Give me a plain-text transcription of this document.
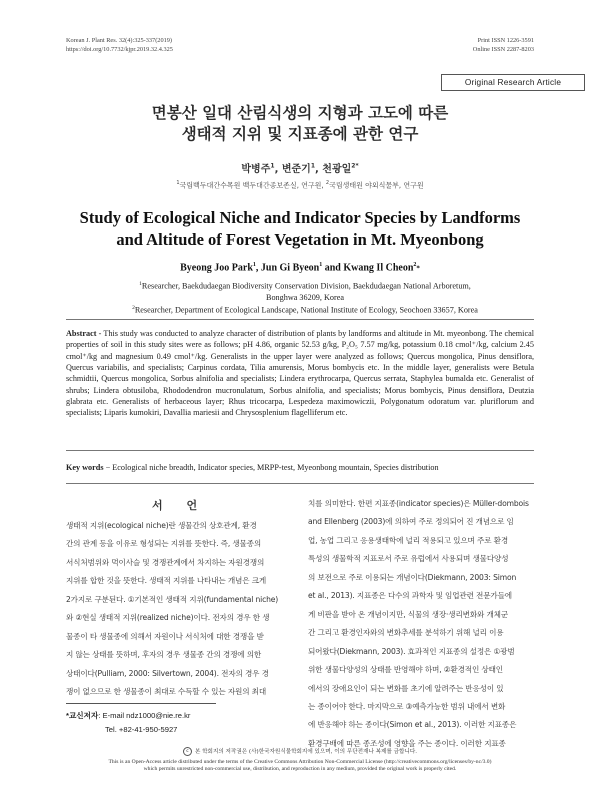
Korean J. Plant Res. 32(4):325-337(2019)
https://doi.org/10.7732/kjpr.2019.32.4.325
Print ISSN 1226-3591
Online ISSN 2287-8203
Original Research Article
면봉산 일대 산림식생의 지형과 고도에 따른
생태적 지위 및 지표종에 관한 연구
박병주$^1$, 변준기$^1$, 천광일$^{2*}$
$^1$국립백두대간수목원 백두대간종보존실, 연구원, $^2$국립생태원 야외식물부, 연구원
Study of Ecological Niche and Indicator Species by Landforms
and Altitude of Forest Vegetation in Mt. Myeonbong
Byeong Joo Park$^1$, Jun Gi Byeon$^1$ and Kwang Il Cheon$^2$*
$^1$Researcher, Baekdudaegan Biodiversity Conservation Division, Baekdudaegan National Arboretum,
Bonghwa 36209, Korea
$^2$Researcher, Department of Ecological Landscape, National Institute of Ecology, Seochoen 33657, Korea
Abstract - This study was conducted to analyze character of distribution of plants by landforms and altitude in Mt. myeonbong. The chemical properties of soil in this study sites were as follows; pH 4.86, organic 52.53 g/kg, P₂O₅ 7.57 mg/kg, potassium 0.18 cmol⁺/kg, calcium 2.45 cmol⁺/kg and magnesium 0.49 cmol⁺/kg. Generalists in the upper layer were analyzed as follows; Quercus mongolica, Pinus densiflora, Quercus variabilis, and specialists; Carpinus cordata, Tilia amurensis, Morus bombycis etc. In the middle layer, generalists were Betula schmidtii, Quercus mongolica, Sorbus alnifolia and specialists; Lindera erythrocarpa, Quercus serrata, Staphylea bumalda etc. Generalist of shrubs; Lindera obtusiloba, Rhododendron mucronulatum, Sorbus alnifolia, and specialists; Morus bombycis, Pinus densiflora, Deutzia glabrata etc. Generalists of herbaceous layer; Rhus tricocarpa, Lespedeza maximowiczii, Polygonatum odoratum var. pluriflorum and specialists; Liparis kumokiri, Davallia mariesii and Chrysosplenium flagelliferum etc.
Key words − Ecological niche breadth, Indicator species, MRPP-test, Myeonbong mountain, Species distribution
서 언
생태적 지위(ecological niche)란 생물간의 상호관계, 환경
간의 관계 등을 이유로 형성되는 지위를 뜻한다. 즉, 생물종의
서식처범위와 먹이사슬 및 경쟁관계에서 차지하는 자원경쟁의
지위를 합한 것을 뜻한다. 생태적 지위를 나타내는 개념은 크게
2가지로 구분된다. ①기본적인 생태적 지위(fundamental niche)
와 ②현실 생태적 지위(realized niche)이다. 전자의 경우 한 생
물종이 타 생물종에 의해서 자원이나 서식처에 대한 경쟁을 받
지 않는 상태를 뜻하며, 후자의 경우 생물종 간의 경쟁에 의한
상태이다(Pulliam, 2000: Silvertown, 2004). 전자의 경우 경
쟁이 없으므로 한 생물종이 최대로 수득할 수 있는 자원의 최대
치를 의미한다. 한편 지표종(indicator species)은 Müller-dombois
and Ellenberg (2003)에 의하여 주로 정의되어 진 개념으로 임
업, 농업 그리고 응용생태학에 널리 적용되고 있으며 주로 환경
특성의 생물학적 지표로서 주로 유럽에서 사용되며 생물다양성
의 보전으로 주로 이용되는 개념이다(Diekmann, 2003: Simon
et al., 2013). 지표종은 다수의 과학자 및 임업관련 전문가들에
게 비판을 받아 온 개념이지만, 식물의 생장·생리변화와 개체군
간 그리고 환경인자와의 변화추세를 분석하기 위해 널리 이용
되어왔다(Diekmann, 2003). 효과적인 지표종의 설정은 ①광범
위한 생물다양성의 상태를 반영해야 하며, ②환경적인 상태인
에서의 장애요인이 되는 변화를 초기에 알려주는 반응성이 있
는 종이어야 한다. 마지막으로 ③예측가능한 범위 내에서 변화
에 반응해야 하는 종이다(Simon et al., 2013). 이러한 지표종은
환경구배에 따른 종조성에 영향을 주는 종이다. 이러한 지표종
*교신저자: E-mail ndz1000@nie.re.kr
Tel. +82-41-950-5927
c 본 학회지의 저작권은 (사)한국자원식물학회지에 있으며, 이의 무단전재나 복제를 금합니다.
This is an Open-Access article distributed under the terms of the Creative Commons Attribution Non-Commercial License (http://creativecommons.org/licenses/by-nc/3.0)
which permits unrestricted non-commercial use, distribution, and reproduction in any medium, provided the original work is properly cited.
